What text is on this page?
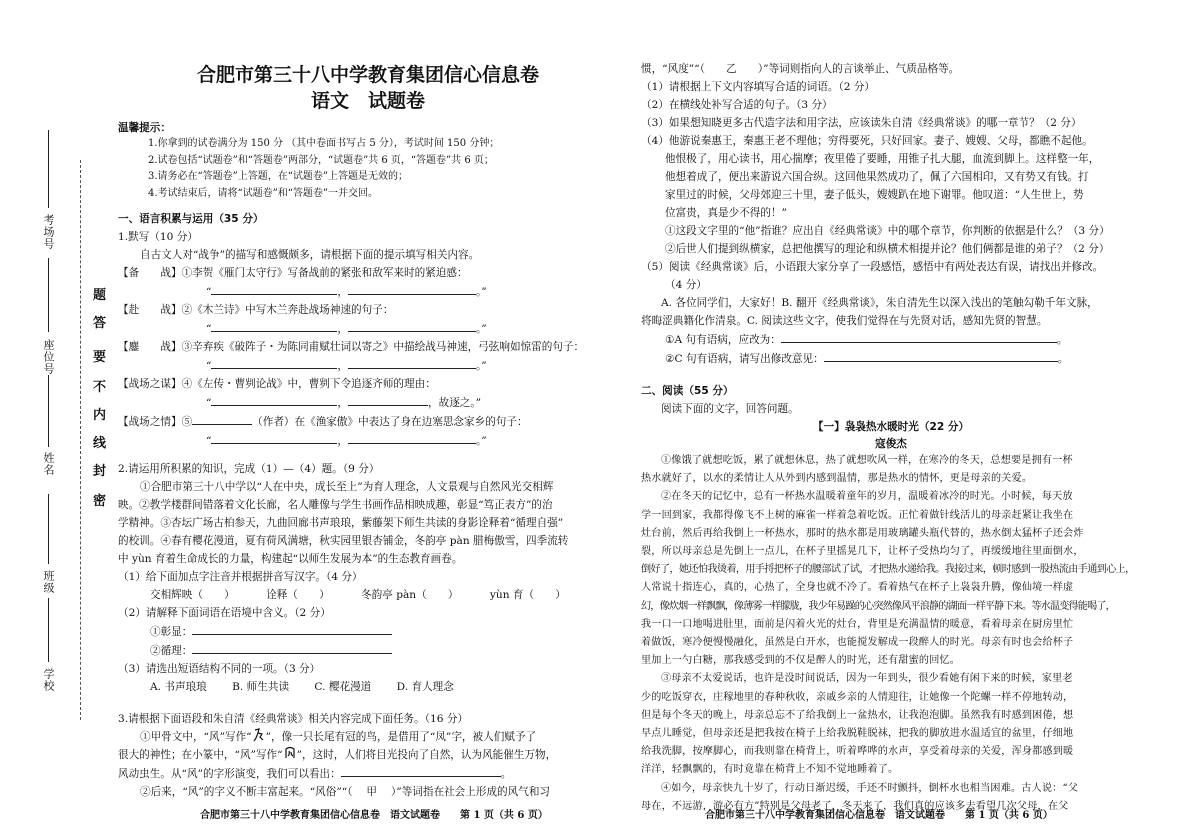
考场号
座位号
姓名
班级
学校
题
答
要
不
内
线
封
密
合肥市第三十八中学教育集团信心信息卷
语文　试题卷
温馨提示：
1.你拿到的试卷满分为 150 分 （其中卷面书写占 5 分），考试时间 150 分钟；
2.试卷包括“试题卷”和“答题卷”两部分，“试题卷”共 6 页，“答题卷”共 6 页；
3.请务必在“答题卷”上答题，在“试题卷”上答题是无效的；
4.考试结束后，请将“试题卷”和“答题卷”一并交回。
一、语言积累与运用（35 分）
1.默写（10 分）
自古文人对“战争”的描写和感慨颇多，请根据下面的提示填写相关内容。
【备　　战】①李贺《雁门太守行》写备战前的紧张和敌军来时的紧迫感：
“	，	。”
【赴　　战】②《木兰诗》中写木兰奔赴战场神速的句子：
“	，	。”
【鏖　　战】③辛弃疾《破阵子・为陈同甫赋壮词以寄之》中描绘战马神速，弓弦响如惊雷的句子：
“	，	。”
【战场之谋】④《左传・曹刿论战》中，曹刿下令追逐齐师的理由：
“	，	，故逐之。”
【战场之情】⑤	（作者）在《渔家傲》中表达了身在边塞思念家乡的句子：
“	，	。”
2.请运用所积累的知识，完成（1）—（4）题。（9 分）
①合肥市第三十八中学以“人在中央，成长至上”为育人理念，人文景观与自然风光交相辉
映。②教学楼群间错落着文化长廊，名人雕像与学生书画作品相映成趣，彰显“笃正表方”的治
学精神。③杏坛广场古柏参天，九曲回廊书声琅琅，紫藤架下师生共读的身影诠释着“循理自强”
的校训。④春有樱花漫道，夏有荷风满塘，秋实园里银杏铺金，冬韵亭 pàn 腊梅傲雪，四季流转
中 yùn 育着生命成长的力量，构建起“以师生发展为本”的生态教育画卷。
（1）给下面加点字注音并根据拼音写汉字。（4 分）
交相辉映（　　）	诠释（　　）	冬韵亭 pàn（　　）	yùn 育（　　）
（2）请解释下面词语在语境中含义。（2 分）
①彰显：
②循理：
（3）请选出短语结构不同的一项。（3 分）
A. 书声琅琅 B. 师生共读 C. 樱花漫道 D. 育人理念
3.请根据下面语段和朱自清《经典常谈》相关内容完成下面任务。（16 分）
①甲骨文中，“风”写作“ ”，像一只长尾有冠的鸟，是借用了“凤”字，被人们赋予了
很大的神性；在小篆中，“风”写作“ ”，这时，人们将目光投向了自然，认为风能催生万物，
风动虫生。从“风”的字形演变，我们可以看出：	。
②后来，“风”的字义不断丰富起来。“风俗”“（　 甲　 ）”等词指在社会上形成的风气和习
合肥市第三十八中学教育集团信心信息卷　语文试题卷　　第 1 页（共 6 页）
惯，“风度”“（　　乙　　）”等词则指向人的言谈举止、气质品格等。
（1）请根据上下文内容填写合适的词语。（2 分）
（2）在横线处补写合适的句子。（3 分）
（3）如果想知晓更多古代造字法和用字法，应该读朱自清《经典常谈》的哪一章节？（2 分）
（4）他游说秦惠王，秦惠王老不理他；穷得要死，只好回家。妻子、嫂嫂、父母，都瞧不起他。
他恨极了，用心读书，用心揣摩；夜里倦了要睡，用锥子扎大腿，血流到脚上。这样整一年，
他想着成了，便出来游说六国合纵。这回他果然成功了，佩了六国相印，又有势又有钱。打
家里过的时候，父母郊迎三十里，妻子低头，嫂嫂趴在地下谢罪。他叹道：“人生世上，势
位富贵，真是少不得的！”
①这段文字里的“他”指谁？应出自《经典常谈》中的哪个章节，你判断的依据是什么？（3 分）
②后世人们提到纵横家，总把他撰写的理论和纵横术相提并论？他们俩都是谁的弟子？（2 分）
（5）阅读《经典常谈》后，小语跟大家分享了一段感悟，感悟中有两处表达有误，请找出并修改。
（4 分）
A. 各位同学们，大家好！B. 翻开《经典常谈》，朱自清先生以深入浅出的笔触勾勒千年文脉，
将晦涩典籍化作清泉。C. 阅读这些文字，使我们觉得在与先贤对话，感知先贤的智慧。
①A 句有语病，应改为：	。
②C 句有语病，请写出修改意见：	。
二、阅读（55 分）
阅读下面的文字，回答问题。
【一】袅袅热水暖时光（22 分）
寇俊杰
①像饿了就想吃饭，累了就想休息，热了就想吹风一样，在寒冷的冬天，总想要是拥有一杯
热水就好了，以水的柔情让人从外到内感到温情，那是热水的情怀，更是母亲的关爱。
②在冬天的记忆中，总有一杯热水温暖着童年的岁月，温暖着冰冷的时光。小时候，每天放
学一回到家，我都得像飞不上树的麻雀一样着急着吃饭。正忙着做针线活儿的母亲赶紧让我坐在
灶台前，然后再给我倒上一杯热水，那时的热水都是用玻璃罐头瓶代替的，热水倒太猛杯子还会炸
裂，所以母亲总是先倒上一点儿，在杯子里摇晃几下，让杯子受热均匀了，再缓缓地往里面倒水，
倒好了，她还怕我烫着，用手捋把杯子的腰部试了试，才把热水递给我。我接过来，顿时感到一股热流由手通到心上，
人常说十指连心，真的，心热了，全身也就不冷了。看着热气在杯子上袅袅升腾，像仙境一样虚
幻，像炊烟一样飘飘，像薄雾一样朦胧，我少年易躁的心突然像风平浪静的湖面一样平静下来。等水温变得能喝了，
我一口一口地喝进肚里，面前是闪着火光的灶台，背里是充满温情的暖意，看着母亲在厨房里忙
着做饭，寒冷便慢慢融化，虽然是白开水，也能搅发解成一段醉人的时光。母亲有时也会给杯子
里加上一勺白糖，那我感受到的不仅是醉人的时光，还有甜蜜的回忆。
③母亲不太爱说话，也许是没时间说话，因为一年到头，很少看她有闲下来的时候，家里老
少的吃饭穿衣，庄稼地里的春种秋收，亲戚乡亲的人情迎往，让她像一个陀螺一样不停地转动，
但是每个冬天的晚上，母亲总忘不了给我倒上一盆热水，让我泡泡脚。虽然我有时感到困倦，想
早点儿睡觉，但母亲还是把我按在椅子上给我脱鞋脱袜，把我的脚放进水温适宜的盆里，仔细地
给我洗脚，按摩脚心，而我则靠在椅背上，听着哗哗的水声，享受着母亲的关爱，浑身都感到暖
洋洋，轻飘飘的，有时竟靠在椅背上不知不觉地睡着了。
④如今，母亲快九十岁了，行动日渐迟缓，手还不时颤抖，倒杯水也相当困难。古人说：“父
母在，不远游，游必有方”特别是父母老了，冬天来了，我们真的应该多去看望几次父母，在父
合肥市第三十八中学教育集团信心信息卷　语文试题卷　　第 1 页（共 6 页）
